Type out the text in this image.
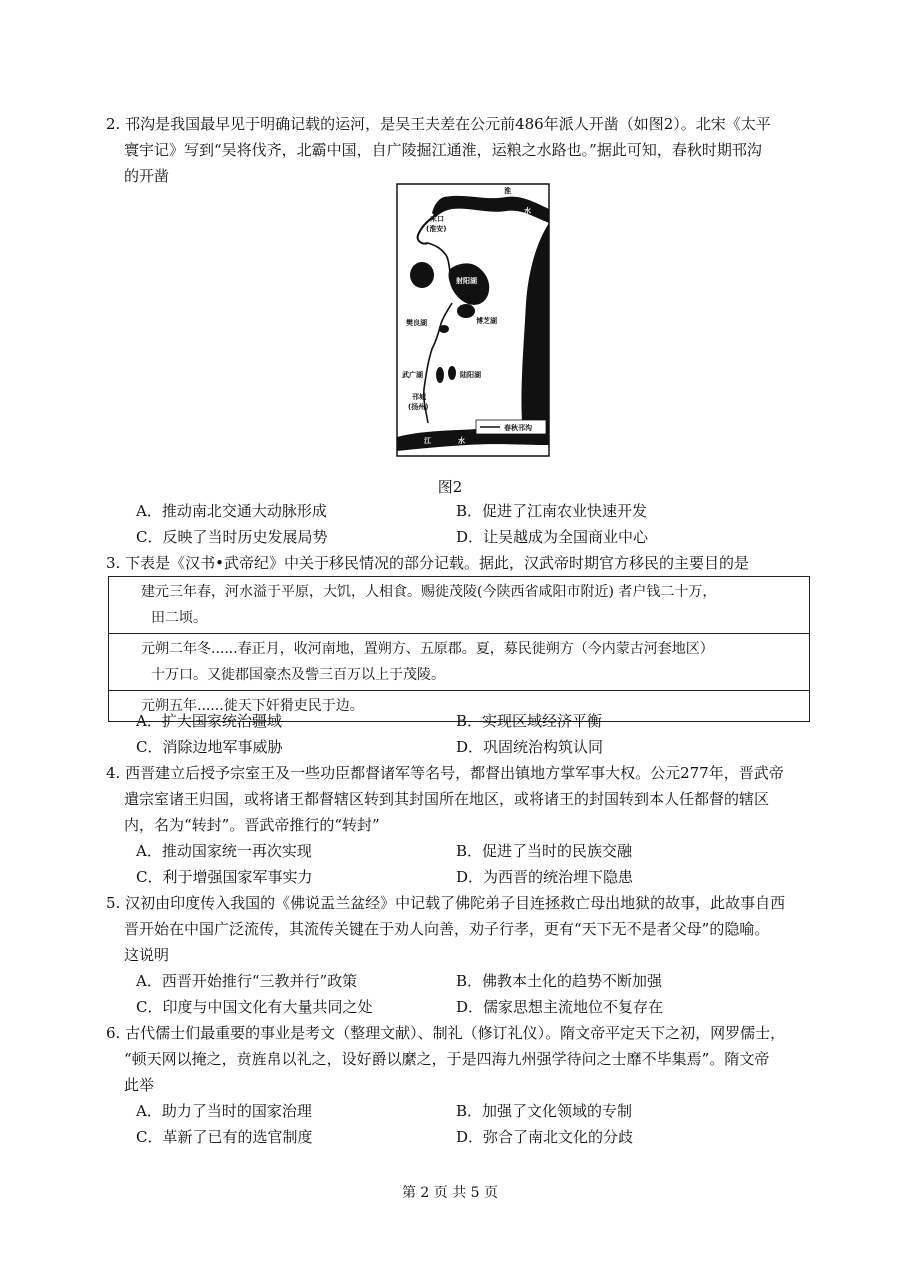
2. 邗沟是我国最早见于明确记载的运河，是吴王夫差在公元前486年派人开凿（如图2）。北宋《太平
寰宇记》写到“吴将伐齐，北霸中国，自广陵掘江通淮，运粮之水路也。”据此可知，春秋时期邗沟
的开凿
淮
水
末口
(淮安)
射阳湖
樊良湖	博芝湖
武广湖	陆阳湖
邗城
(扬州)
江	水
春秋邗沟
图2
A．推动南北交通大动脉形成	B．促进了江南农业快速开发
C．反映了当时历史发展局势	D．让吴越成为全国商业中心
3. 下表是《汉书•武帝纪》中关于移民情况的部分记载。据此，汉武帝时期官方移民的主要目的是
建元三年春，河水溢于平原，大饥，人相食。赐徙茂陵(今陕西省咸阳市附近) 者户钱二十万，
田二顷。

元朔二年冬......春正月，收河南地，置朔方、五原郡。夏，募民徙朔方（今内蒙古河套地区）
十万口。又徙郡国豪杰及訾三百万以上于茂陵。

元朔五年......徙天下奸猾吏民于边。
A．扩大国家统治疆域	B．实现区域经济平衡
C．消除边地军事威胁	D．巩固统治构筑认同
4. 西晋建立后授予宗室王及一些功臣都督诸军等名号，都督出镇地方掌军事大权。公元277年，晋武帝
遣宗室诸王归国，或将诸王都督辖区转到其封国所在地区，或将诸王的封国转到本人任都督的辖区
内，名为“转封”。晋武帝推行的“转封”
A．推动国家统一再次实现	B．促进了当时的民族交融
C．利于增强国家军事实力	D．为西晋的统治埋下隐患
5. 汉初由印度传入我国的《佛说盂兰盆经》中记载了佛陀弟子目连拯救亡母出地狱的故事，此故事自西
晋开始在中国广泛流传，其流传关键在于劝人向善，劝子行孝，更有“天下无不是者父母”的隐喻。
这说明
A．西晋开始推行“三教并行”政策	B．佛教本土化的趋势不断加强
C．印度与中国文化有大量共同之处	D．儒家思想主流地位不复存在
6. 古代儒士们最重要的事业是考文（整理文献）、制礼（修订礼仪）。隋文帝平定天下之初，网罗儒士，
“顿天网以掩之，贲旌帛以礼之，设好爵以縻之，于是四海九州强学待问之士靡不毕集焉”。隋文帝
此举
A．助力了当时的国家治理	B．加强了文化领域的专制
C．革新了已有的选官制度	D．弥合了南北文化的分歧
第 2 页 共 5 页
